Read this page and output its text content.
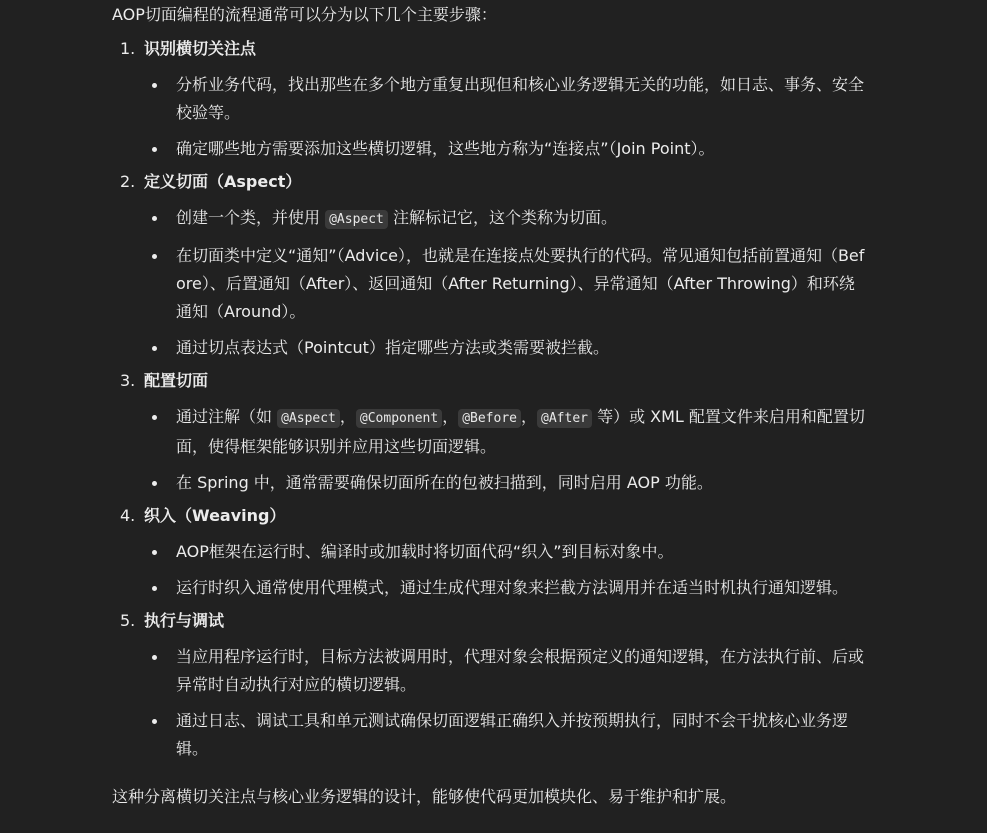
AOP切面编程的流程通常可以分为以下几个主要步骤：

1. 识别横切关注点
分析业务代码，找出那些在多个地方重复出现但和核心业务逻辑无关的功能，如日志、事务、安全校验等。
确定哪些地方需要添加这些横切逻辑，这些地方称为“连接点”（Join Point）。
2. 定义切面（Aspect）
创建一个类，并使用 @Aspect 注解标记它，这个类称为切面。
在切面类中定义“通知”（Advice），也就是在连接点处要执行的代码。常见通知包括前置通知（Before）、后置通知（After）、返回通知（After Returning）、异常通知（After Throwing）和环绕通知（Around）。
通过切点表达式（Pointcut）指定哪些方法或类需要被拦截。
3. 配置切面
通过注解（如 @Aspect ， @Component ， @Before ， @After 等）或 XML 配置文件来启用和配置切面，使得框架能够识别并应用这些切面逻辑。
在 Spring 中，通常需要确保切面所在的包被扫描到，同时启用 AOP 功能。
4. 织入（Weaving）
AOP框架在运行时、编译时或加载时将切面代码“织入”到目标对象中。
运行时织入通常使用代理模式，通过生成代理对象来拦截方法调用并在适当时机执行通知逻辑。
5. 执行与调试
当应用程序运行时，目标方法被调用时，代理对象会根据预定义的通知逻辑，在方法执行前、后或异常时自动执行对应的横切逻辑。
通过日志、调试工具和单元测试确保切面逻辑正确织入并按预期执行，同时不会干扰核心业务逻辑。

这种分离横切关注点与核心业务逻辑的设计，能够使代码更加模块化、易于维护和扩展。
